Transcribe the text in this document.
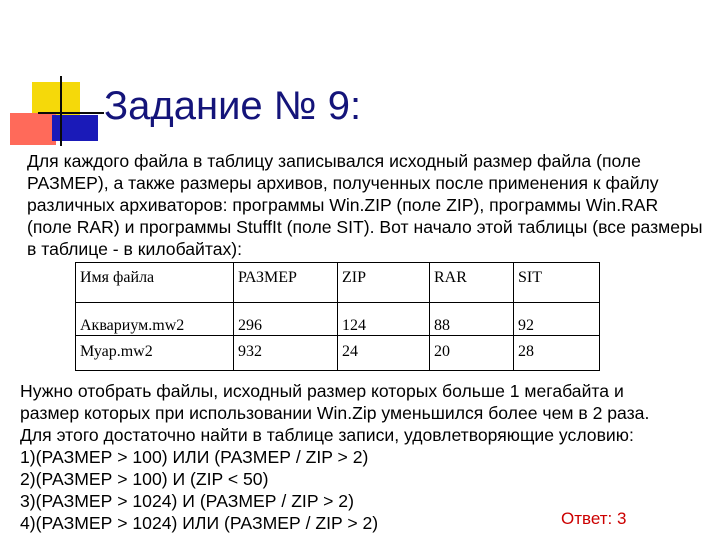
Задание № 9:

Для каждого файла в таблицу записывался исходный размер файла (поле РАЗМЕР), а также размеры архивов, полученных после применения к файлу различных архиваторов: программы Win.ZIP (поле ZIP), программы Win.RAR (поле RAR) и программы StuffIt (поле SIT). Вот начало этой таблицы (все размеры в таблице - в килобайтах):

Имя файла	РАЗМЕР	ZIP	RAR	SIT
Аквариум.mw2	296	124	88	92
Муар.mw2	932	24	20	28
Нужно отобрать файлы, исходный размер которых больше 1 мегабайта и
размер которых при использовании Win.Zip уменьшился более чем в 2 раза.
Для этого достаточно найти в таблице записи, удовлетворяющие условию:
1)(РАЗМЕР > 100) ИЛИ (РАЗМЕР / ZIP > 2)
2)(РАЗМЕР > 100) И (ZIP < 50)
3)(РАЗМЕР > 1024) И (РАЗМЕР / ZIP > 2)
4)(РАЗМЕР > 1024) ИЛИ (РАЗМЕР / ZIP > 2)	Ответ: 3
